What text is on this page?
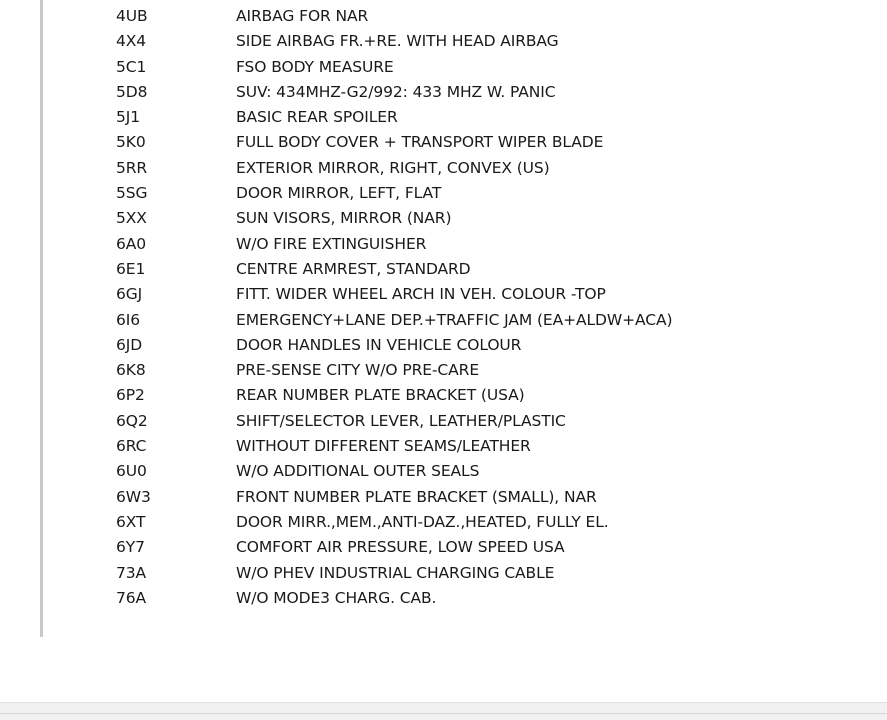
4UB	AIRBAG FOR NAR
4X4	SIDE AIRBAG FR.+RE. WITH HEAD AIRBAG
5C1	FSO BODY MEASURE
5D8	SUV: 434MHZ-G2/992: 433 MHZ W. PANIC
5J1	BASIC REAR SPOILER
5K0	FULL BODY COVER + TRANSPORT WIPER BLADE
5RR	EXTERIOR MIRROR, RIGHT, CONVEX (US)
5SG	DOOR MIRROR, LEFT, FLAT
5XX	SUN VISORS, MIRROR (NAR)
6A0	W/O FIRE EXTINGUISHER
6E1	CENTRE ARMREST, STANDARD
6GJ	FITT. WIDER WHEEL ARCH IN VEH. COLOUR -TOP
6I6	EMERGENCY+LANE DEP.+TRAFFIC JAM (EA+ALDW+ACA)
6JD	DOOR HANDLES IN VEHICLE COLOUR
6K8	PRE-SENSE CITY W/O PRE-CARE
6P2	REAR NUMBER PLATE BRACKET (USA)
6Q2	SHIFT/SELECTOR LEVER, LEATHER/PLASTIC
6RC	WITHOUT DIFFERENT SEAMS/LEATHER
6U0	W/O ADDITIONAL OUTER SEALS
6W3	FRONT NUMBER PLATE BRACKET (SMALL), NAR
6XT	DOOR MIRR.,MEM.,ANTI-DAZ.,HEATED, FULLY EL.
6Y7	COMFORT AIR PRESSURE, LOW SPEED USA
73A	W/O PHEV INDUSTRIAL CHARGING CABLE
76A	W/O MODE3 CHARG. CAB.
